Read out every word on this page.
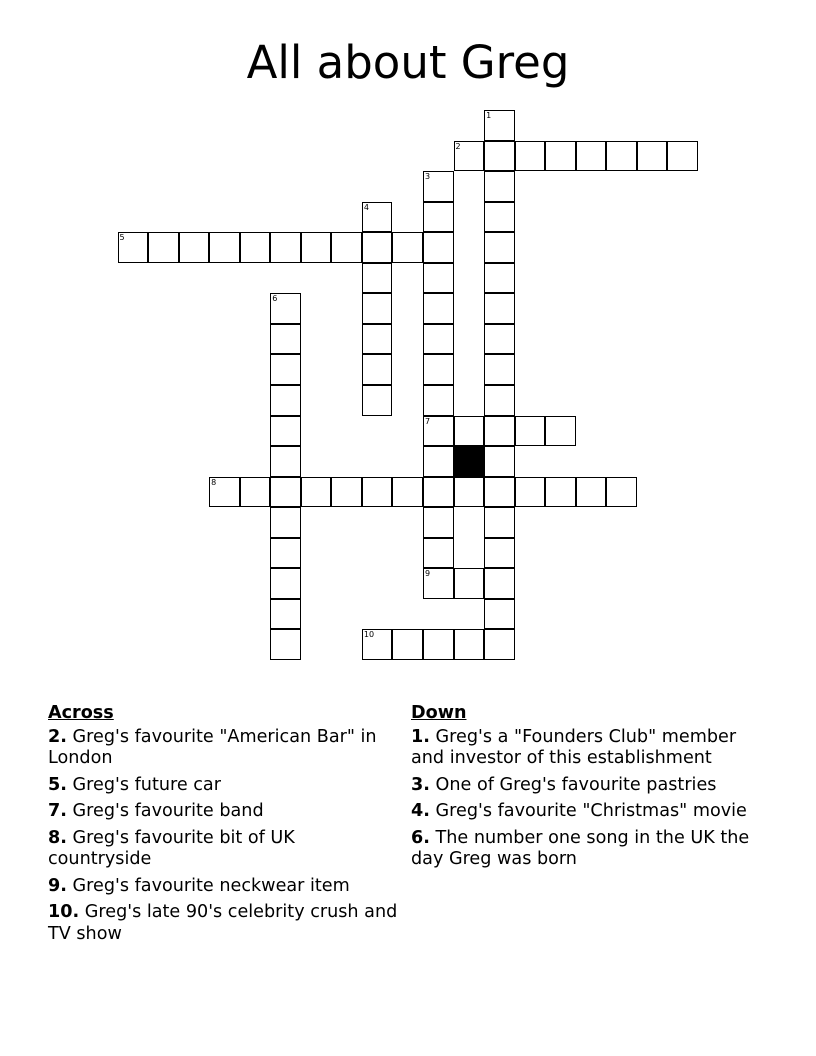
All about Greg
1
2
3
4
5
6
7
8
9
10
Across
2. Greg's favourite "American Bar" in London
5. Greg's future car
7. Greg's favourite band
8. Greg's favourite bit of UK countryside
9. Greg's favourite neckwear item
10. Greg's late 90's celebrity crush and TV show
Down
1. Greg's a "Founders Club" member and investor of this establishment
3. One of Greg's favourite pastries
4. Greg's favourite "Christmas" movie
6. The number one song in the UK the day Greg was born
